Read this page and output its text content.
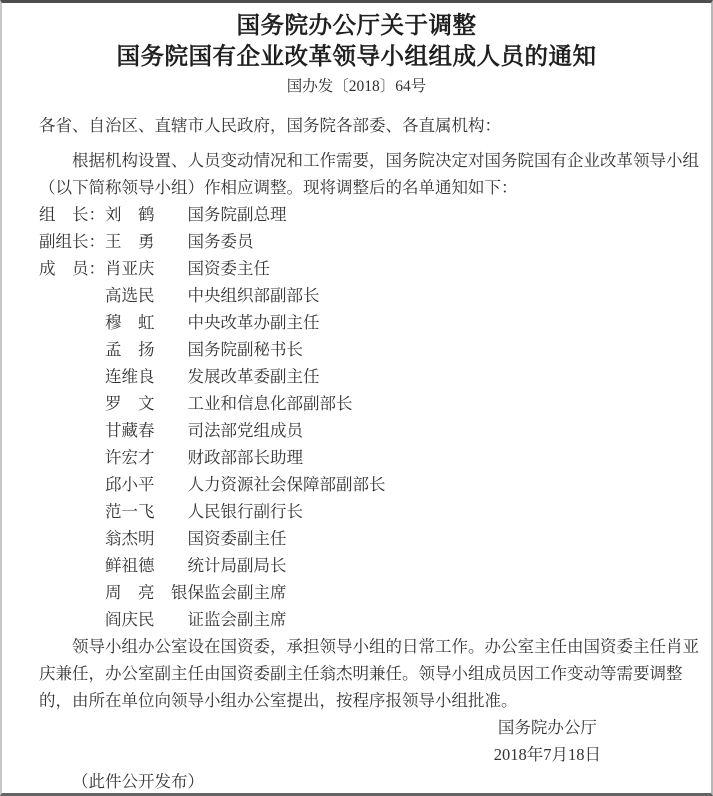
国务院办公厅关于调整
国务院国有企业改革领导小组组成人员的通知
国办发〔2018〕64号
各省、自治区、直辖市人民政府，国务院各部委、各直属机构：
根据机构设置、人员变动情况和工作需要，国务院决定对国务院国有企业改革领导小组
（以下简称领导小组）作相应调整。现将调整后的名单通知如下：
组　长：刘　鹤　　国务院副总理
副组长：王　勇　　国务委员
成　员：肖亚庆　　国资委主任
　　　　高选民　　中央组织部副部长
　　　　穆　虹　　中央改革办副主任
　　　　孟　扬　　国务院副秘书长
　　　　连维良　　发展改革委副主任
　　　　罗　文　　工业和信息化部副部长
　　　　甘藏春　　司法部党组成员
　　　　许宏才　　财政部部长助理
　　　　邱小平　　人力资源社会保障部副部长
　　　　范一飞　　人民银行副行长
　　　　翁杰明　　国资委副主任
　　　　鲜祖德　　统计局副局长
　　　　周　亮　银保监会副主席
　　　　阎庆民　　证监会副主席
领导小组办公室设在国资委，承担领导小组的日常工作。办公室主任由国资委主任肖亚
庆兼任，办公室副主任由国资委副主任翁杰明兼任。领导小组成员因工作变动等需要调整
的，由所在单位向领导小组办公室提出，按程序报领导小组批准。
国务院办公厅
2018年7月18日
（此件公开发布）
